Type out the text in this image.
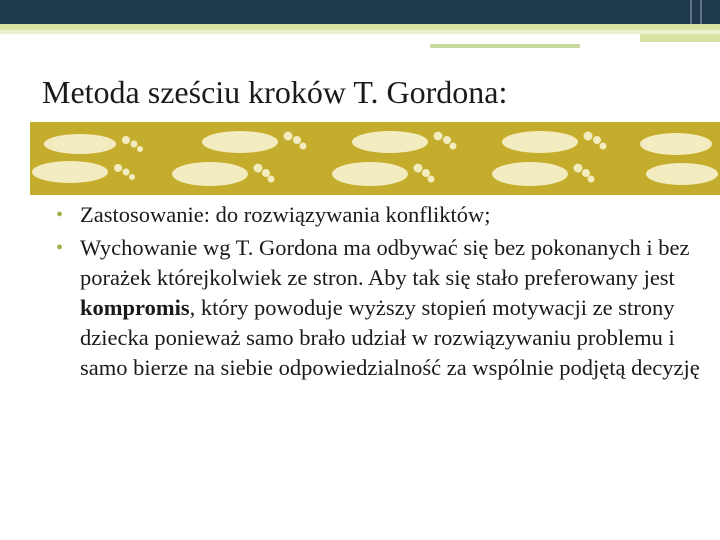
Metoda sześciu kroków T. Gordona:
• Zastosowanie: do rozwiązywania konfliktów;
• Wychowanie wg T. Gordona ma odbywać się bez pokonanych i bez porażek którejkolwiek ze stron. Aby tak się stało preferowany jest kompromis, który powoduje wyższy stopień motywacji ze strony dziecka ponieważ samo brało udział w rozwiązywaniu problemu i samo bierze na siebie odpowiedzialność za wspólnie podjętą decyzję
